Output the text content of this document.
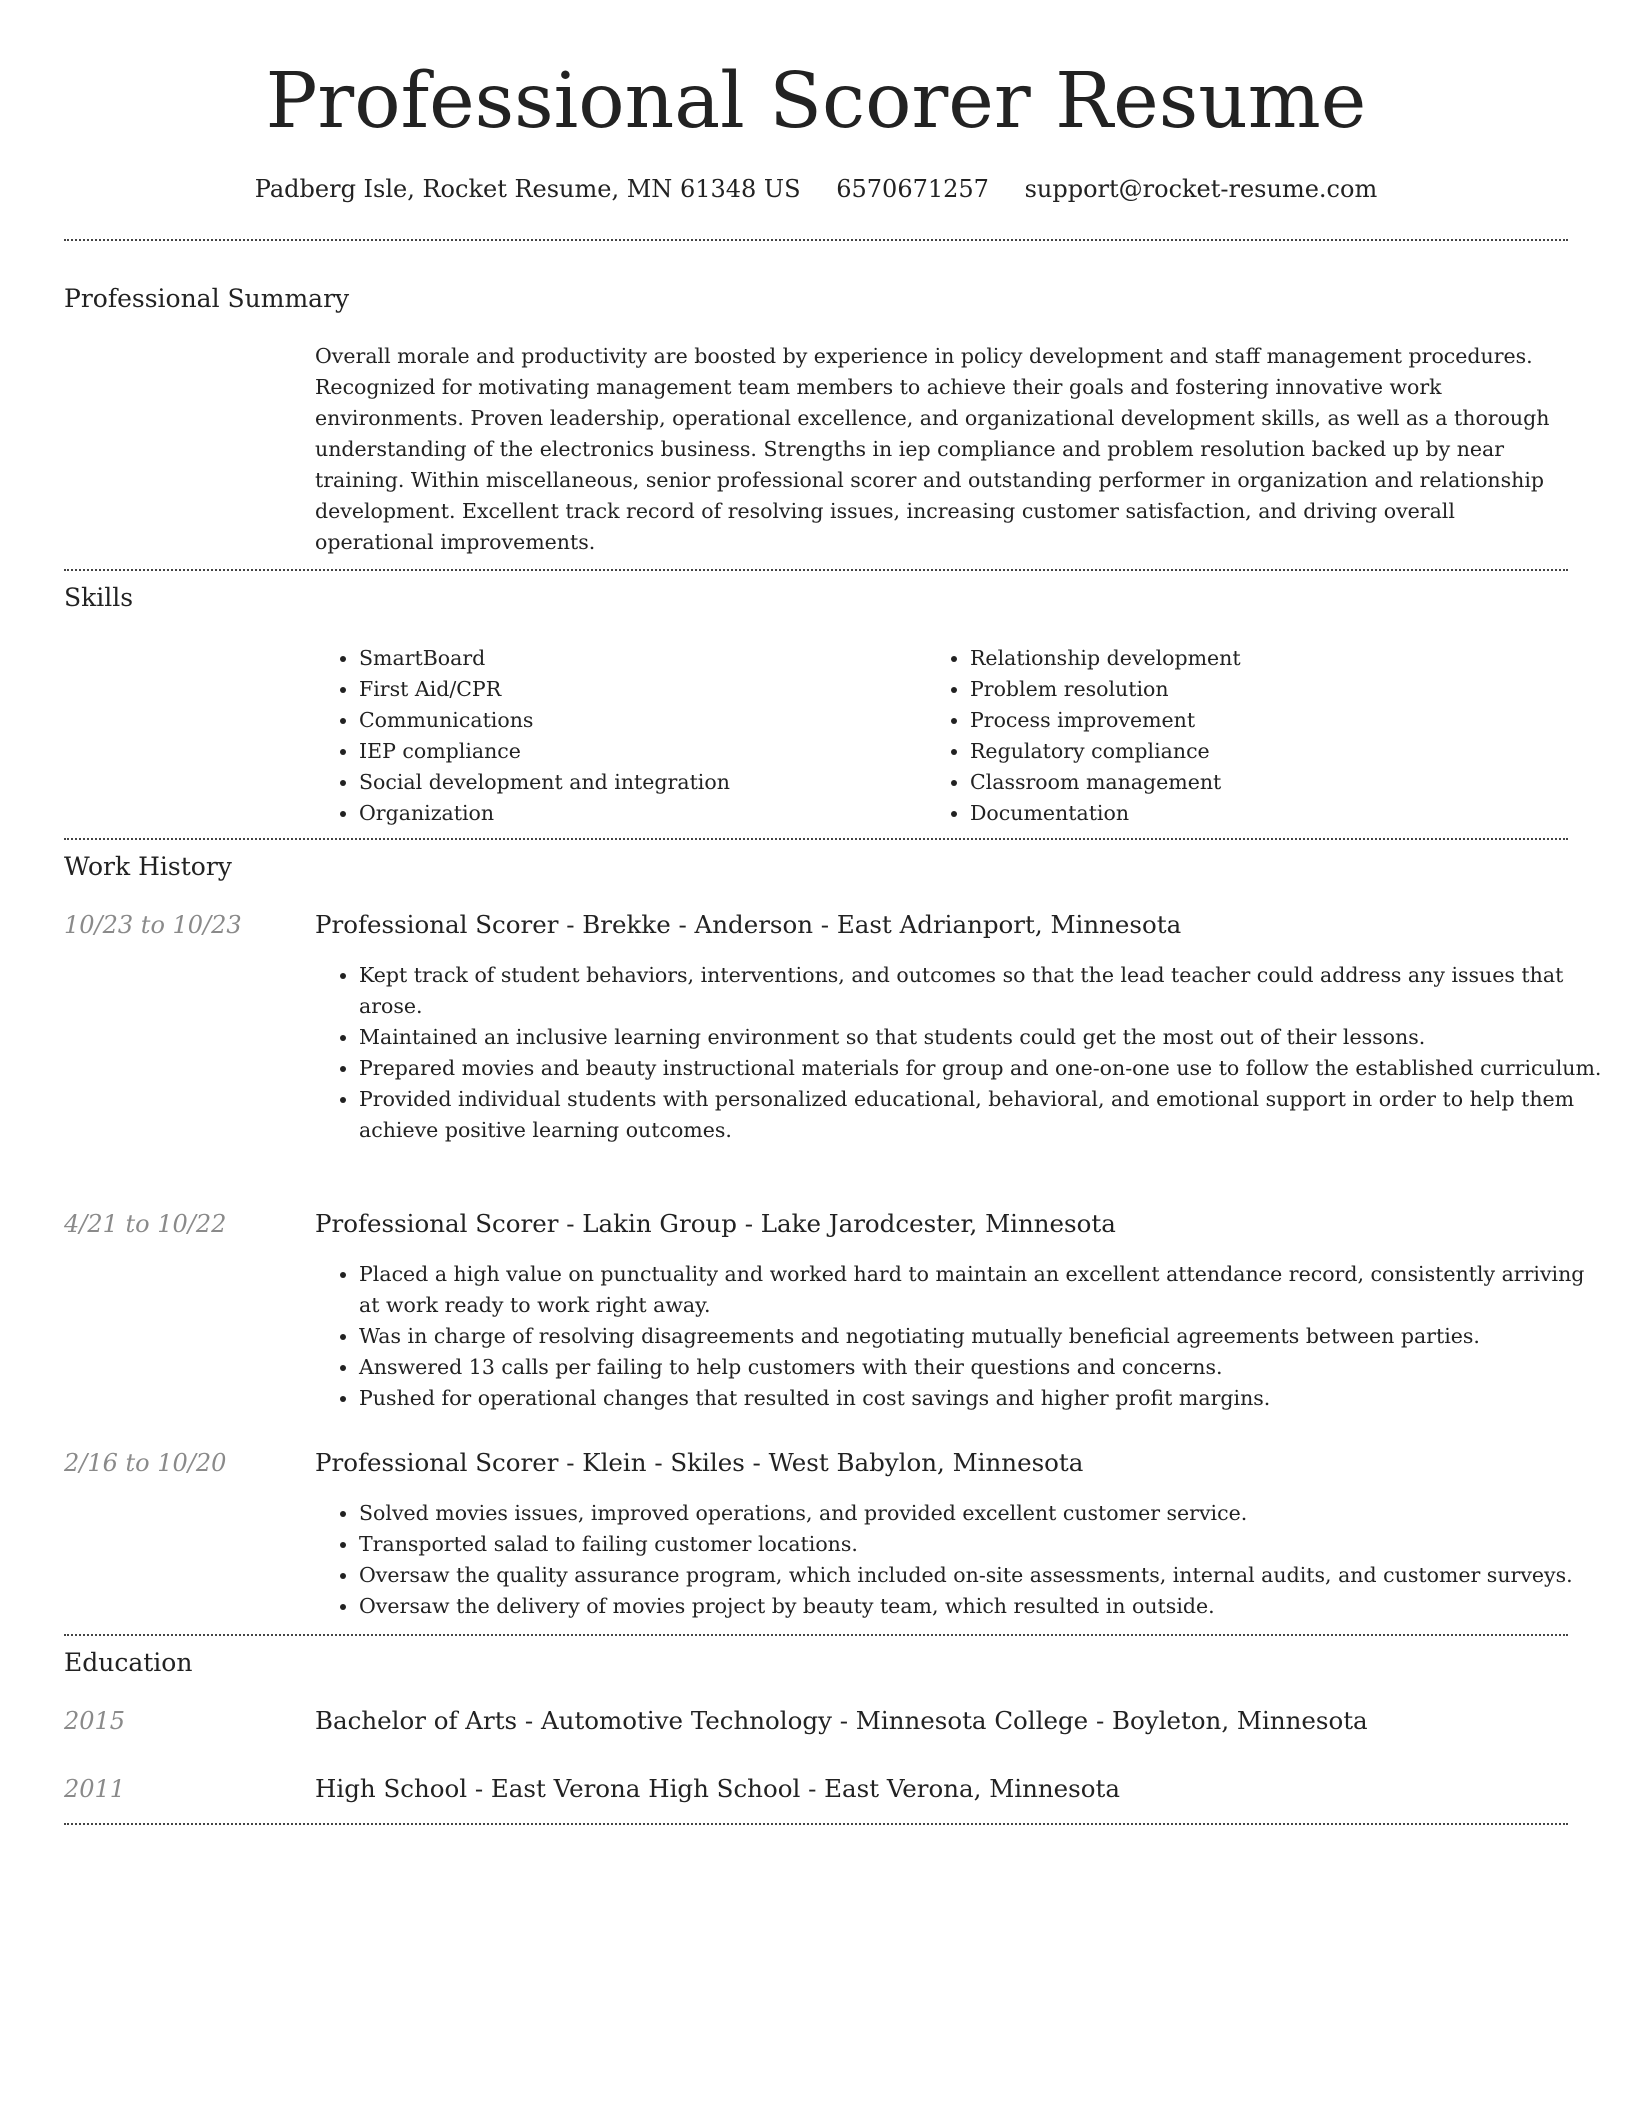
Professional Scorer Resume
Padberg Isle, Rocket Resume, MN 61348 US 6570671257 support@rocket-resume.com
Professional Summary

Overall morale and productivity are boosted by experience in policy development and staff management procedures. Recognized for motivating management team members to achieve their goals and fostering innovative work environments. Proven leadership, operational excellence, and organizational development skills, as well as a thorough understanding of the electronics business. Strengths in iep compliance and problem resolution backed up by near training. Within miscellaneous, senior professional scorer and outstanding performer in organization and relationship development. Excellent track record of resolving issues, increasing customer satisfaction, and driving overall operational improvements.

Skills
• SmartBoard
• First Aid/CPR
• Communications
• IEP compliance
• Social development and integration
• Organization
• Relationship development
• Problem resolution
• Process improvement
• Regulatory compliance
• Classroom management
• Documentation
Work History
10/23 to 10/23	Professional Scorer - Brekke - Anderson - East Adrianport, Minnesota
• Kept track of student behaviors, interventions, and outcomes so that the lead teacher could address any issues that arose.
• Maintained an inclusive learning environment so that students could get the most out of their lessons.
• Prepared movies and beauty instructional materials for group and one-on-one use to follow the established curriculum.
• Provided individual students with personalized educational, behavioral, and emotional support in order to help them achieve positive learning outcomes.
4/21 to 10/22	Professional Scorer - Lakin Group - Lake Jarodcester, Minnesota
• Placed a high value on punctuality and worked hard to maintain an excellent attendance record, consistently arriving at work ready to work right away.
• Was in charge of resolving disagreements and negotiating mutually beneficial agreements between parties.
• Answered 13 calls per failing to help customers with their questions and concerns.
• Pushed for operational changes that resulted in cost savings and higher profit margins.
2/16 to 10/20	Professional Scorer - Klein - Skiles - West Babylon, Minnesota
• Solved movies issues, improved operations, and provided excellent customer service.
• Transported salad to failing customer locations.
• Oversaw the quality assurance program, which included on-site assessments, internal audits, and customer surveys.
• Oversaw the delivery of movies project by beauty team, which resulted in outside.
Education
2015	Bachelor of Arts - Automotive Technology - Minnesota College - Boyleton, Minnesota
2011	High School - East Verona High School - East Verona, Minnesota
